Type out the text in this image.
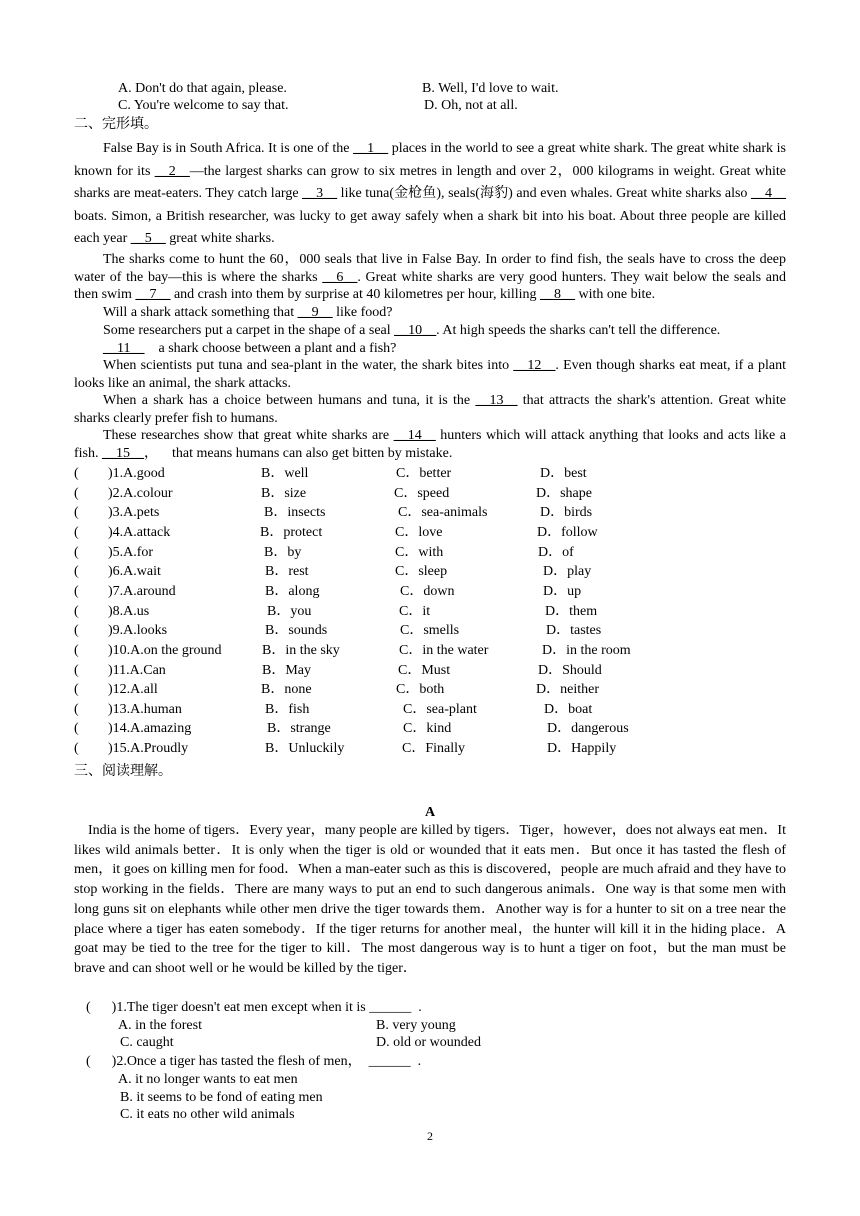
A. Don't do that again, please.	B. Well, I'd love to wait.
C. You're welcome to say that.	D. Oh, not at all.
二、完形填。
False Bay is in South Africa. It is one of the __1__ places in the world to see a great white shark. The great white shark is known for its __2__—the largest sharks can grow to six metres in length and over 2，000 kilograms in weight. Great white sharks are meat-eaters. They catch large __3__ like tuna(金枪鱼), seals(海豹) and even whales. Great white sharks also __4__ boats. Simon, a British researcher, was lucky to get away safely when a shark bit into his boat. About three people are killed each year __5__ great white sharks.
The sharks come to hunt the 60，000 seals that live in False Bay. In order to find fish, the seals have to cross the deep water of the bay—this is where the sharks __6__. Great white sharks are very good hunters. They wait below the seals and then swim __7__ and crash into them by surprise at 40 kilometres per hour, killing __8__ with one bite.
Will a shark attack something that __9__ like food?
Some researchers put a carpet in the shape of a seal __10__. At high speeds the sharks can't tell the difference.
__11__    a shark choose between a plant and a fish?
When scientists put tuna and sea-plant in the water, the shark bites into __12__. Even though sharks eat meat, if a plant looks like an animal, the shark attacks.
When a shark has a choice between humans and tuna, it is the __13__ that attracts the shark's attention. Great white sharks clearly prefer fish to humans.
These researches show that great white sharks are __14__ hunters which will attack anything that looks and acts like a fish. __15__，    that means humans can also get bitten by mistake.
( )1.A.good	B．well	C．better	D．best
( )2.A.colour	B．size	C．speed	D．shape
( )3.A.pets	B．insects	C．sea-animals	D．birds
( )4.A.attack	B．protect	C．love	D．follow
( )5.A.for	B．by	C．with	D．of
( )6.A.wait	B．rest	C．sleep	D．play
( )7.A.around	B．along	C．down	D．up
( )8.A.us	B．you	C．it	D．them
( )9.A.looks	B．sounds	C．smells	D．tastes
( )10.A.on the ground	B．in the sky	C．in the water	D．in the room
( )11.A.Can	B．May	C．Must	D．Should
( )12.A.all	B．none	C．both	D．neither
( )13.A.human	B．fish	C．sea-plant	D．boat
( )14.A.amazing	B．strange	C．kind	D．dangerous
( )15.A.Proudly	B．Unluckily	C．Finally	D．Happily
三、阅读理解。
A
India is the home of tigers．Every year，many people are killed by tigers．Tiger，however，does not always eat men．It likes wild animals better．It is only when the tiger is old or wounded that it eats men．But once it has tasted the flesh of men，it goes on killing men for food．When a man-eater such as this is discovered，people are much afraid and they have to stop working in the fields．There are many ways to put an end to such dangerous animals．One way is that some men with long guns sit on elephants while other men drive the tiger towards them．Another way is for a hunter to sit on a tree near the place where a tiger has eaten somebody．If the tiger returns for another meal，the hunter will kill it in the hiding place．A goat may be tied to the tree for the tiger to kill．The most dangerous way is to hunt a tiger on foot，but the man must be brave and can shoot well or he would be killed by the tiger．
(      )1.The tiger doesn't eat men except when it is ______  .
A. in the forest	B. very young
C. caught	D. old or wounded
(      )2.Once a tiger has tasted the flesh of men，  ______  .
A. it no longer wants to eat men
B. it seems to be fond of eating men
C. it eats no other wild animals
2
